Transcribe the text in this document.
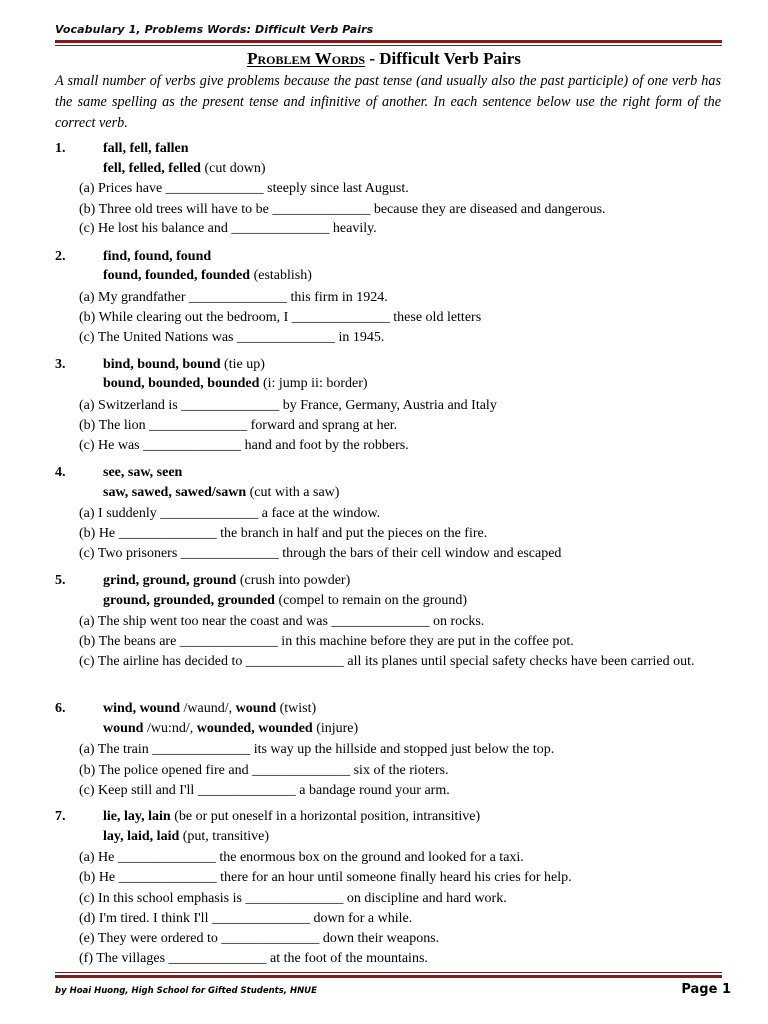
Vocabulary 1, Problems Words: Difficult Verb Pairs
Problem Words - Difficult Verb Pairs

A small number of verbs give problems because the past tense (and usually also the past participle) of one verb has the same spelling as the present tense and infinitive of another. In each sentence below use the right form of the correct verb.

1.	fall, fell, fallen
fell, felled, felled (cut down)
(a) Prices have ______________ steeply since last August.
(b) Three old trees will have to be ______________ because they are diseased and dangerous.
(c) He lost his balance and ______________ heavily.
2.	find, found, found
found, founded, founded (establish)
(a) My grandfather ______________ this firm in 1924.
(b) While clearing out the bedroom, I ______________ these old letters
(c) The United Nations was ______________ in 1945.
3.	bind, bound, bound (tie up)
bound, bounded, bounded (i: jump ii: border)
(a) Switzerland is ______________ by France, Germany, Austria and Italy
(b) The lion ______________ forward and sprang at her.
(c) He was ______________ hand and foot by the robbers.
4.	see, saw, seen
saw, sawed, sawed/sawn (cut with a saw)
(a) I suddenly ______________ a face at the window.
(b) He ______________ the branch in half and put the pieces on the fire.
(c) Two prisoners ______________ through the bars of their cell window and escaped
5.	grind, ground, ground (crush into powder)
ground, grounded, grounded (compel to remain on the ground)
(a) The ship went too near the coast and was ______________ on rocks.
(b) The beans are ______________ in this machine before they are put in the coffee pot.
(c) The airline has decided to ______________ all its planes until special safety checks have been carried out.
6.	wind, wound /waund/, wound (twist)
wound /wu:nd/, wounded, wounded (injure)
(a) The train ______________ its way up the hillside and stopped just below the top.
(b) The police opened fire and ______________ six of the rioters.
(c) Keep still and I'll ______________ a bandage round your arm.
7.	lie, lay, lain (be or put oneself in a horizontal position, intransitive)
lay, laid, laid (put, transitive)
(a) He ______________ the enormous box on the ground and looked for a taxi.
(b) He ______________ there for an hour until someone finally heard his cries for help.
(c) In this school emphasis is ______________ on discipline and hard work.
(d) I'm tired. I think I'll ______________ down for a while.
(e) They were ordered to ______________ down their weapons.
(f) The villages ______________ at the foot of the mountains.
by Hoai Huong, High School for Gifted Students, HNUE	Page 1
